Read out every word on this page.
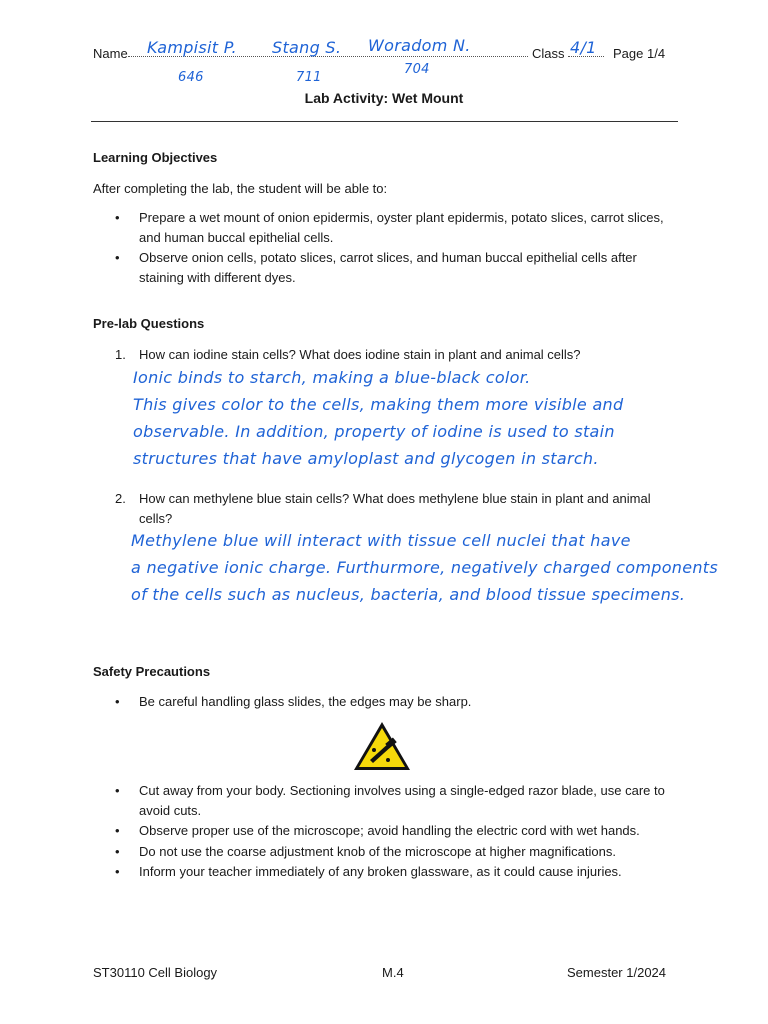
Name Kampisit P. Stang S. Woradom N.
646	711
704
Class 4/1 Page 1/4
Lab Activity: Wet Mount
Learning Objectives
After completing the lab, the student will be able to:
• Prepare a wet mount of onion epidermis, oyster plant epidermis, potato slices, carrot slices, and human buccal epithelial cells.
• Observe onion cells, potato slices, carrot slices, and human buccal epithelial cells after staining with different dyes.
Pre-lab Questions
1.	How can iodine stain cells? What does iodine stain in plant and animal cells?
Ionic binds to starch, making a blue-black color.
This gives color to the cells, making them more visible and
observable. In addition, property of iodine is used to stain
structures that have amyloplast and glycogen in starch.
2.	How can methylene blue stain cells? What does methylene blue stain in plant and animal cells?
Methylene blue will interact with tissue cell nuclei that have
a negative ionic charge. Furthurmore, negatively charged components
of the cells such as nucleus, bacteria, and blood tissue specimens.
Safety Precautions
• Be careful handling glass slides, the edges may be sharp.
• Cut away from your body. Sectioning involves using a single-edged razor blade, use care to avoid cuts.
• Observe proper use of the microscope; avoid handling the electric cord with wet hands.
• Do not use the coarse adjustment knob of the microscope at higher magnifications.
• Inform your teacher immediately of any broken glassware, as it could cause injuries.
ST30110 Cell Biology	M.4	Semester 1/2024
